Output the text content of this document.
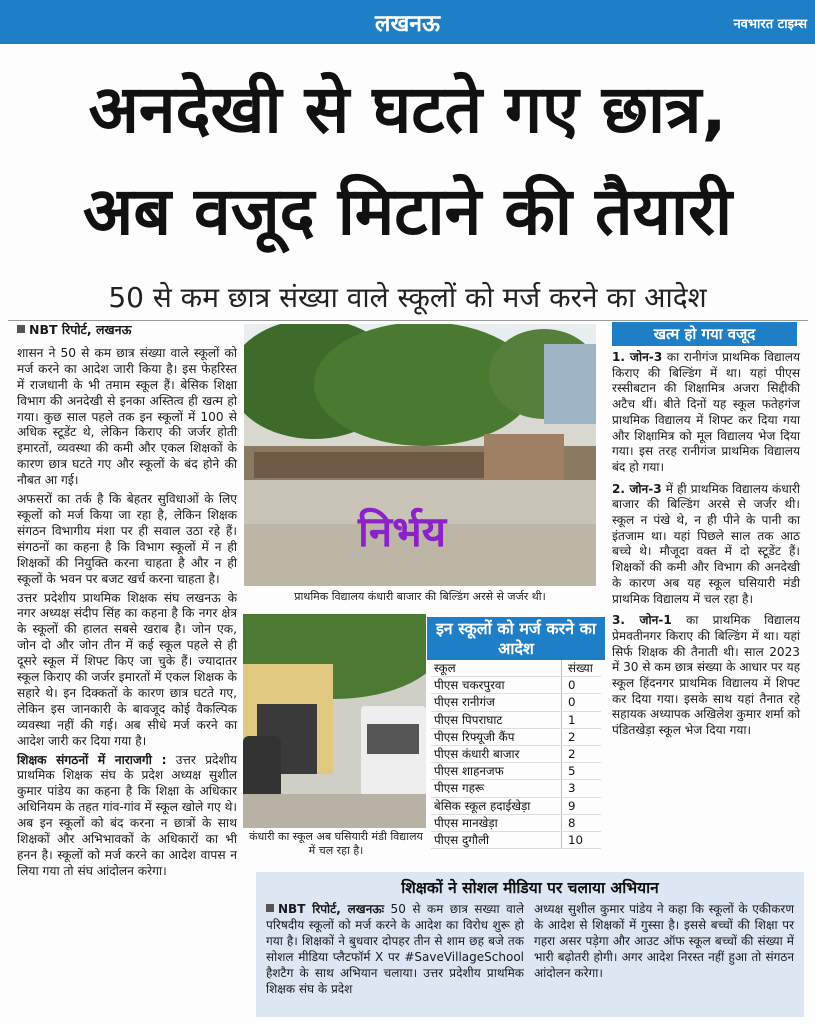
लखनऊ	नवभारत टाइम्स
अनदेखी से घटते गए छात्र,
अब वजूद मिटाने की तैयारी
50 से कम छात्र संख्या वाले स्कूलों को मर्ज करने का आदेश
NBT रिपोर्ट, लखनऊ

शासन ने 50 से कम छात्र संख्या वाले स्कूलों को मर्ज करने का आदेश जारी किया है। इस फेहरिस्त में राजधानी के भी तमाम स्कूल हैं। बेसिक शिक्षा विभाग की अनदेखी से इनका अस्तित्व ही खत्म हो गया। कुछ साल पहले तक इन स्कूलों में 100 से अधिक स्टूडेंट थे, लेकिन किराए की जर्जर होती इमारतों, व्यवस्था की कमी और एकल शिक्षकों के कारण छात्र घटते गए और स्कूलों के बंद होने की नौबत आ गई।

अफसरों का तर्क है कि बेहतर सुविधाओं के लिए स्कूलों को मर्ज किया जा रहा है, लेकिन शिक्षक संगठन विभागीय मंशा पर ही सवाल उठा रहे हैं। संगठनों का कहना है कि विभाग स्कूलों में न ही शिक्षकों की नियुक्ति करना चाहता है और न ही स्कूलों के भवन पर बजट खर्च करना चाहता है।

उत्तर प्रदेशीय प्राथमिक शिक्षक संघ लखनऊ के नगर अध्यक्ष संदीप सिंह का कहना है कि नगर क्षेत्र के स्कूलों की हालत सबसे खराब है। जोन एक, जोन दो और जोन तीन में कई स्कूल पहले से ही दूसरे स्कूल में शिफ्ट किए जा चुके हैं। ज्यादातर स्कूल किराए की जर्जर इमारतों में एकल शिक्षक के सहारे थे। इन दिक्कतों के कारण छात्र घटते गए, लेकिन इस जानकारी के बावजूद कोई वैकल्पिक व्यवस्था नहीं की गई। अब सीधे मर्ज करने का आदेश जारी कर दिया गया है।

शिक्षक संगठनों में नाराजगी : उत्तर प्रदेशीय प्राथमिक शिक्षक संघ के प्रदेश अध्यक्ष सुशील कुमार पांडेय का कहना है कि शिक्षा के अधिकार अधिनियम के तहत गांव-गांव में स्कूल खोले गए थे। अब इन स्कूलों को बंद करना न छात्रों के साथ शिक्षकों और अभिभावकों के अधिकारों का भी हनन है। स्कूलों को मर्ज करने का आदेश वापस न लिया गया तो संघ आंदोलन करेगा।

निर्भय
प्राथमिक विद्यालय कंधारी बाजार की बिल्डिंग अरसे से जर्जर थी।
कंधारी का स्कूल अब घसियारी मंडी विद्यालय में चल रहा है।
इन स्कूलों को मर्ज करने का आदेश
स्कूल	संख्या
पीएस चकरपुरवा	0
पीएस रानीगंज	0
पीएस पिपराघाट	1
पीएस रिफ्यूजी कैंप	2
पीएस कंधारी बाजार	2
पीएस शाहनजफ	5
पीएस गहरू	3
बेसिक स्कूल हदाईखेड़ा	9
पीएस मानखेड़ा	8
पीएस दुगौली	10
खत्म हो गया वजूद

1. जोन-3 का रानीगंज प्राथमिक विद्यालय किराए की बिल्डिंग में था। यहां पीएस रस्सीबटान की शिक्षामित्र अजरा सिद्दीकी अटैच थीं। बीते दिनों यह स्कूल फतेहगंज प्राथमिक विद्यालय में शिफ्ट कर दिया गया और शिक्षामित्र को मूल विद्यालय भेज दिया गया। इस तरह रानीगंज प्राथमिक विद्यालय बंद हो गया।

2. जोन-3 में ही प्राथमिक विद्यालय कंधारी बाजार की बिल्डिंग अरसे से जर्जर थी। स्कूल न पंखे थे, न ही पीने के पानी का इंतजाम था। यहां पिछले साल तक आठ बच्चे थे। मौजूदा वक्त में दो स्टूडेंट हैं। शिक्षकों की कमी और विभाग की अनदेखी के कारण अब यह स्कूल घसियारी मंडी प्राथमिक विद्यालय में चल रहा है।

3. जोन-1 का प्राथमिक विद्यालय प्रेमवतीनगर किराए की बिल्डिंग में था। यहां सिर्फ शिक्षक की तैनाती थी। साल 2023 में 30 से कम छात्र संख्या के आधार पर यह स्कूल हिंदनगर प्राथमिक विद्यालय में शिफ्ट कर दिया गया। इसके साथ यहां तैनात रहे सहायक अध्यापक अखिलेश कुमार शर्मा को पंडितखेड़ा स्कूल भेज दिया गया।

शिक्षकों ने सोशल मीडिया पर चलाया अभियान
NBT रिपोर्ट, लखनऊः 50 से कम छात्र सख्या वाले परिषदीय स्कूलों को मर्ज करने के आदेश का विरोध शुरू हो गया है। शिक्षकों ने बुधवार दोपहर तीन से शाम छह बजे तक सोशल मीडिया प्लैटफॉर्म X पर #SaveVillageSchool हैशटैग के साथ अभियान चलाया। उत्तर प्रदेशीय प्राथमिक शिक्षक संघ के प्रदेश
अध्यक्ष सुशील कुमार पांडेय ने कहा कि स्कूलों के एकीकरण के आदेश से शिक्षकों में गुस्सा है। इससे बच्चों की शिक्षा पर गहरा असर पड़ेगा और आउट ऑफ स्कूल बच्चों की संख्या में भारी बढ़ोतरी होगी। अगर आदेश निरस्त नहीं हुआ तो संगठन आंदोलन करेगा।
